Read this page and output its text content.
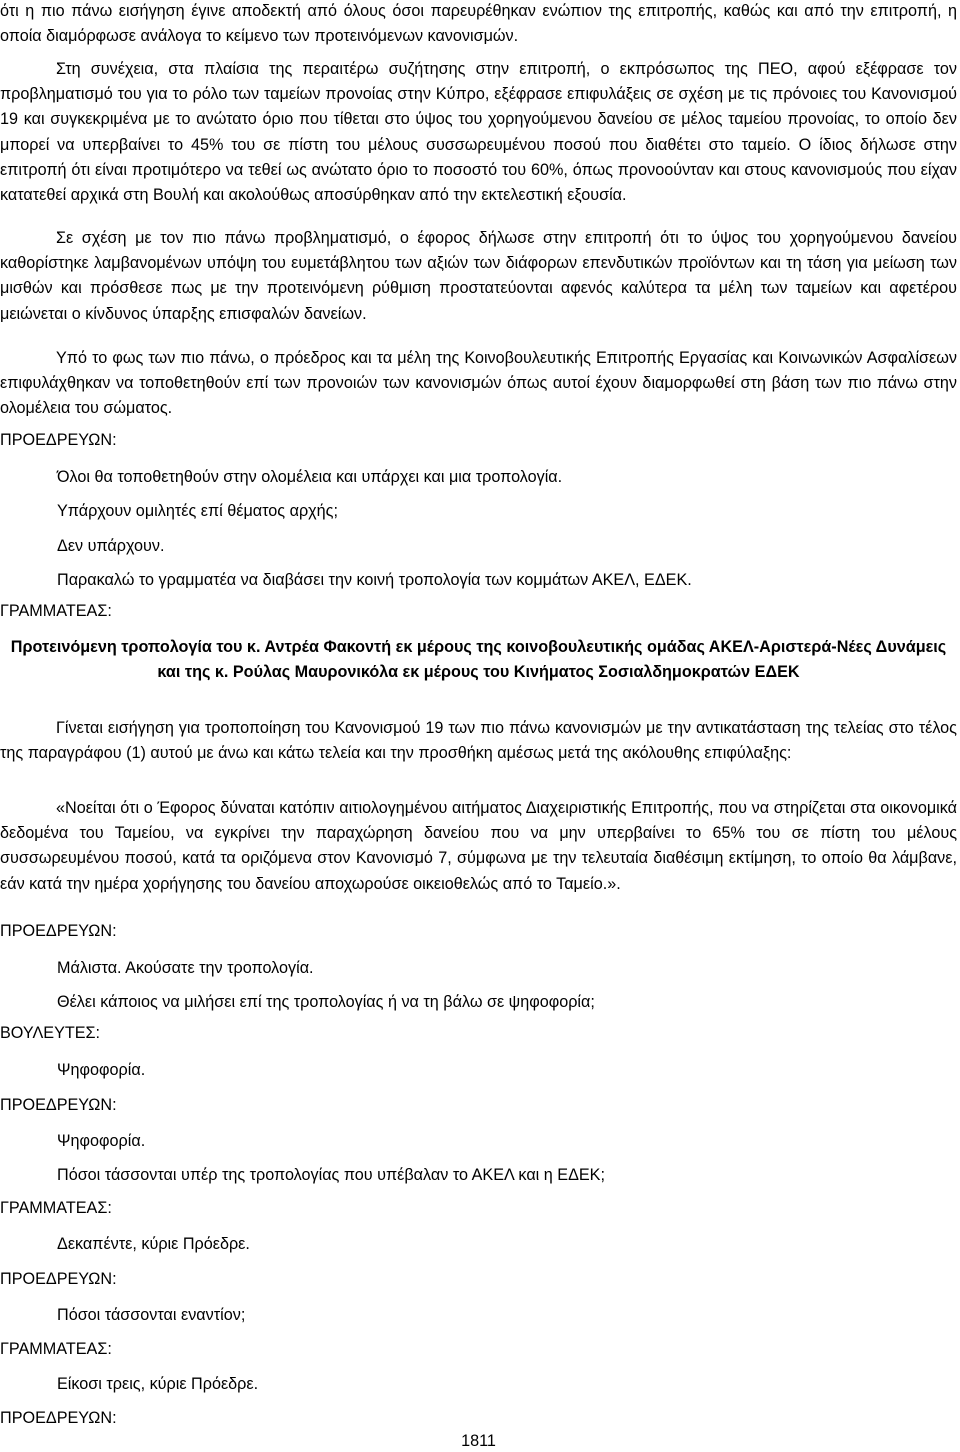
ότι η πιο πάνω εισήγηση έγινε αποδεκτή από όλους όσοι παρευρέθηκαν ενώπιον της επιτροπής, καθώς και από την επιτροπή, η οποία διαμόρφωσε ανάλογα το κείμενο των προτεινόμενων κανονισμών.

Στη συνέχεια, στα πλαίσια της περαιτέρω συζήτησης στην επιτροπή, ο εκπρόσωπος της ΠΕΟ, αφού εξέφρασε τον προβληματισμό του για το ρόλο των ταμείων προνοίας στην Κύπρο, εξέφρασε επιφυλάξεις σε σχέση με τις πρόνοιες του Κανονισμού 19 και συγκεκριμένα με το ανώτατο όριο που τίθεται στο ύψος του χορηγούμενου δανείου σε μέλος ταμείου προνοίας, το οποίο δεν μπορεί να υπερβαίνει το 45% του σε πίστη του μέλους συσσωρευμένου ποσού που διαθέτει στο ταμείο. Ο ίδιος δήλωσε στην επιτροπή ότι είναι προτιμότερο να τεθεί ως ανώτατο όριο το ποσοστό του 60%, όπως προνοούνταν και στους κανονισμούς που είχαν κατατεθεί αρχικά στη Βουλή και ακολούθως αποσύρθηκαν από την εκτελεστική εξουσία.

Σε σχέση με τον πιο πάνω προβληματισμό, ο έφορος δήλωσε στην επιτροπή ότι το ύψος του χορηγούμενου δανείου καθορίστηκε λαμβανομένων υπόψη του ευμετάβλητου των αξιών των διάφορων επενδυτικών προϊόντων και τη τάση για μείωση των μισθών και πρόσθεσε πως με την προτεινόμενη ρύθμιση προστατεύονται αφενός καλύτερα τα μέλη των ταμείων και αφετέρου μειώνεται ο κίνδυνος ύπαρξης επισφαλών δανείων.

Υπό το φως των πιο πάνω, ο πρόεδρος και τα μέλη της Κοινοβουλευτικής Επιτροπής Εργασίας και Κοινωνικών Ασφαλίσεων επιφυλάχθηκαν να τοποθετηθούν επί των προνοιών των κανονισμών όπως αυτοί έχουν διαμορφωθεί στη βάση των πιο πάνω στην ολομέλεια του σώματος.

ΠΡΟΕΔΡΕΥΩΝ:
Όλοι θα τοποθετηθούν στην ολομέλεια και υπάρχει και μια τροπολογία.
Υπάρχουν ομιλητές επί θέματος αρχής;
Δεν υπάρχουν.
Παρακαλώ το γραμματέα να διαβάσει την κοινή τροπολογία των κομμάτων ΑΚΕΛ, ΕΔΕΚ.
ΓΡΑΜΜΑΤΕΑΣ:

Προτεινόμενη τροπολογία του κ. Αντρέα Φακοντή εκ μέρους της κοινοβουλευτικής ομάδας ΑΚΕΛ-Αριστερά-Νέες Δυνάμεις και της κ. Ρούλας Μαυρονικόλα εκ μέρους του Κινήματος Σοσιαλδημοκρατών ΕΔΕΚ

Γίνεται εισήγηση για τροποποίηση του Κανονισμού 19 των πιο πάνω κανονισμών με την αντικατάσταση της τελείας στο τέλος της παραγράφου (1) αυτού με άνω και κάτω τελεία και την προσθήκη αμέσως μετά της ακόλουθης επιφύλαξης:

«Νοείται ότι ο Έφορος δύναται κατόπιν αιτιολογημένου αιτήματος Διαχειριστικής Επιτροπής, που να στηρίζεται στα οικονομικά δεδομένα του Ταμείου, να εγκρίνει την παραχώρηση δανείου που να μην υπερβαίνει το 65% του σε πίστη του μέλους συσσωρευμένου ποσού, κατά τα οριζόμενα στον Κανονισμό 7, σύμφωνα με την τελευταία διαθέσιμη εκτίμηση, το οποίο θα λάμβανε, εάν κατά την ημέρα χορήγησης του δανείου αποχωρούσε οικειοθελώς από το Ταμείο.».

ΠΡΟΕΔΡΕΥΩΝ:
Μάλιστα. Ακούσατε την τροπολογία.
Θέλει κάποιος να μιλήσει επί της τροπολογίας ή να τη βάλω σε ψηφοφορία;
ΒΟΥΛΕΥΤΕΣ:
Ψηφοφορία.
ΠΡΟΕΔΡΕΥΩΝ:
Ψηφοφορία.
Πόσοι τάσσονται υπέρ της τροπολογίας που υπέβαλαν το ΑΚΕΛ και η ΕΔΕΚ;
ΓΡΑΜΜΑΤΕΑΣ:
Δεκαπέντε, κύριε Πρόεδρε.
ΠΡΟΕΔΡΕΥΩΝ:
Πόσοι τάσσονται εναντίον;
ΓΡΑΜΜΑΤΕΑΣ:
Είκοσι τρεις, κύριε Πρόεδρε.
ΠΡΟΕΔΡΕΥΩΝ:
1811
